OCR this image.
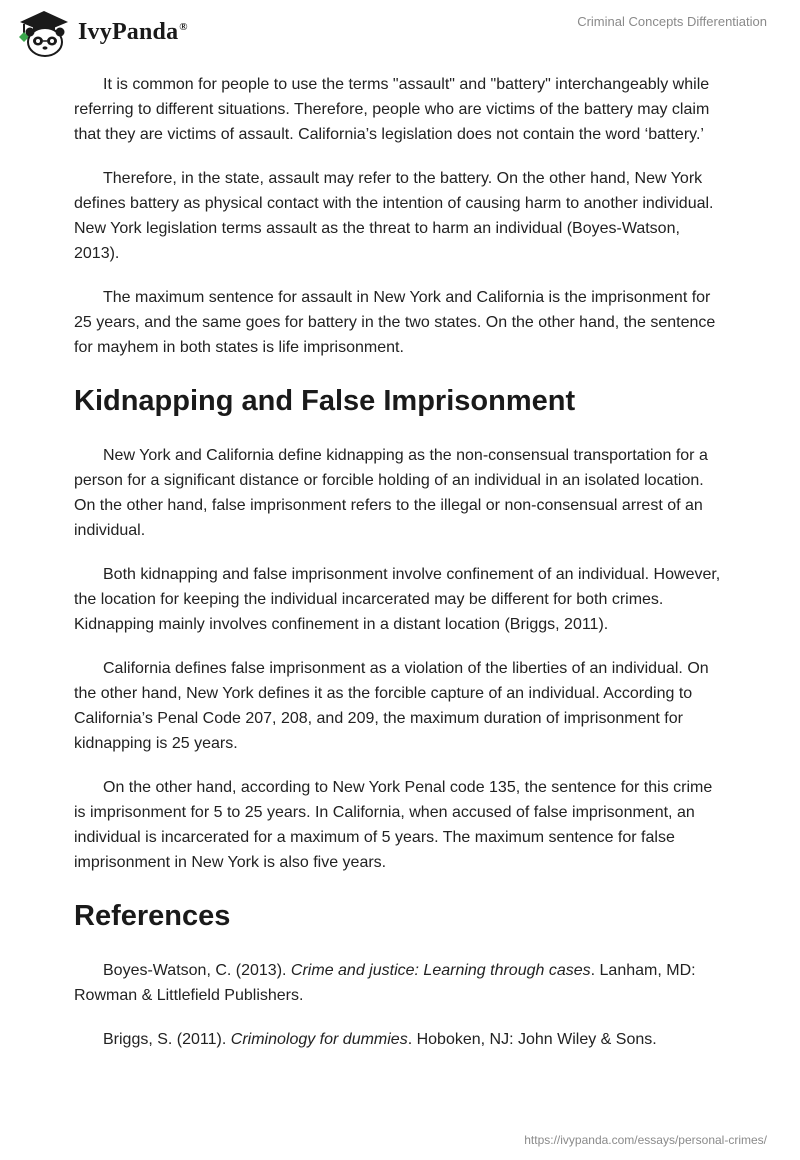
IvyPanda®	Criminal Concepts Differentiation

It is common for people to use the terms "assault" and "battery" interchangeably while referring to different situations. Therefore, people who are victims of the battery may claim that they are victims of assault. California’s legislation does not contain the word ‘battery.’

Therefore, in the state, assault may refer to the battery. On the other hand, New York defines battery as physical contact with the intention of causing harm to another individual. New York legislation terms assault as the threat to harm an individual (Boyes-Watson, 2013).

The maximum sentence for assault in New York and California is the imprisonment for 25 years, and the same goes for battery in the two states. On the other hand, the sentence for mayhem in both states is life imprisonment.

Kidnapping and False Imprisonment

New York and California define kidnapping as the non-consensual transportation for a person for a significant distance or forcible holding of an individual in an isolated location. On the other hand, false imprisonment refers to the illegal or non-consensual arrest of an individual.

Both kidnapping and false imprisonment involve confinement of an individual. However, the location for keeping the individual incarcerated may be different for both crimes. Kidnapping mainly involves confinement in a distant location (Briggs, 2011).

California defines false imprisonment as a violation of the liberties of an individual. On the other hand, New York defines it as the forcible capture of an individual. According to California’s Penal Code 207, 208, and 209, the maximum duration of imprisonment for kidnapping is 25 years.

On the other hand, according to New York Penal code 135, the sentence for this crime is imprisonment for 5 to 25 years. In California, when accused of false imprisonment, an individual is incarcerated for a maximum of 5 years. The maximum sentence for false imprisonment in New York is also five years.

References

Boyes-Watson, C. (2013). Crime and justice: Learning through cases. Lanham, MD: Rowman & Littlefield Publishers.

Briggs, S. (2011). Criminology for dummies. Hoboken, NJ: John Wiley & Sons.

https://ivypanda.com/essays/personal-crimes/
